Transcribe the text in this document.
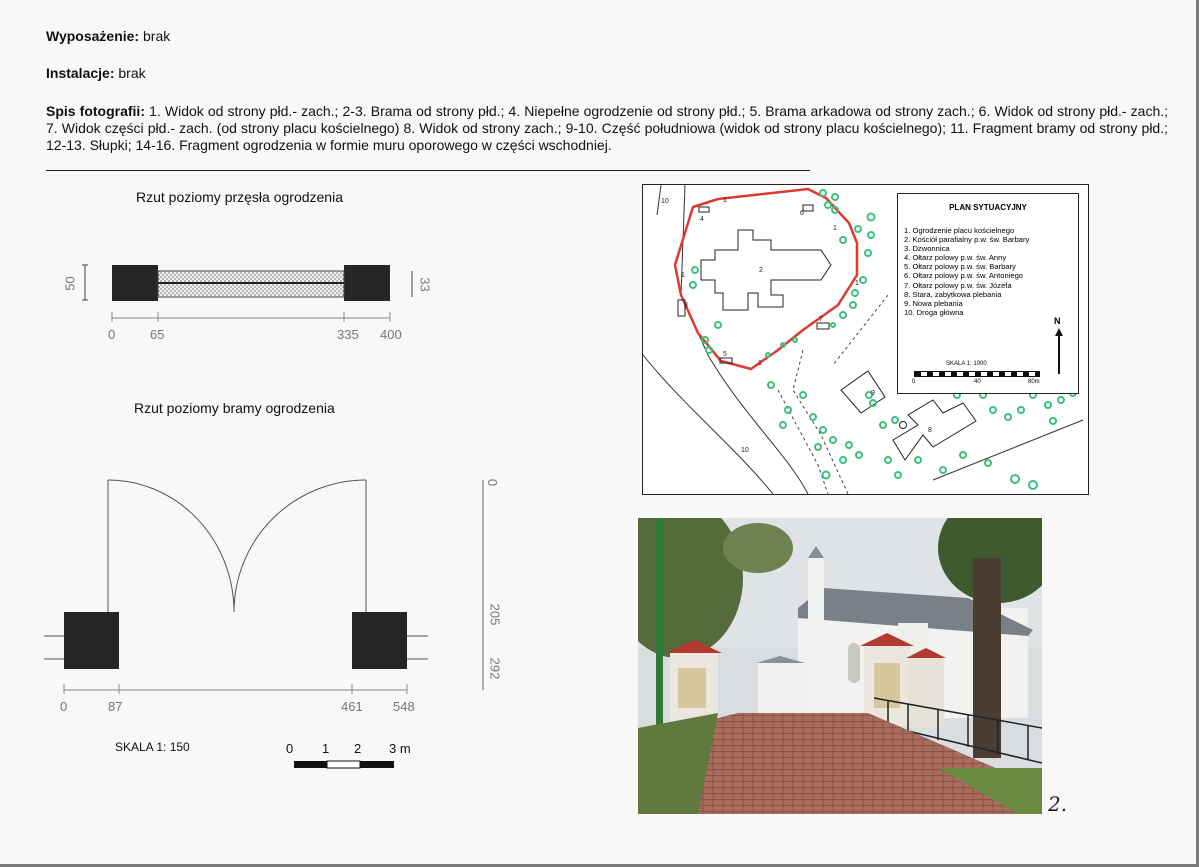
Wyposażenie: brak
Instalacje: brak
Spis fotografii: 1. Widok od strony płd.- zach.; 2-3. Brama od strony płd.; 4. Niepełne ogrodzenie od strony płd.; 5. Brama arkadowa od strony zach.; 6. Widok od strony płd.- zach.; 7. Widok części płd.- zach. (od strony placu kościelnego) 8. Widok od strony zach.; 9-10. Część południowa (widok od strony placu kościelnego); 11. Fragment bramy od strony płd.; 12-13. Słupki; 14-16. Fragment ogrodzenia w formie muru oporowego w części wschodniej.
Rzut poziomy przęsła ogrodzenia
50	33
0	65	335 400
Rzut poziomy bramy ogrodzenia
0
205
292
0	87	461 548
SKALA 1: 150	0 1 2 3 m
1
1
1
1
1
2
3
4
5
6
7
8
9
10
10
PLAN SYTUACYJNY
1. Ogrodzenie placu kościelnego
2. Kościół parafialny p.w. św. Barbary
3. Dzwonnica
4. Ołtarz polowy p.w. św. Anny
5. Ołtarz polowy p.w. św. Barbary
6. Ołtarz polowy p.w. św. Antoniego
7. Ołtarz polowy p.w. św. Józefa
8. Stara, zabytkowa plebania
9. Nowa plebania
10. Droga główna
N
SKALA 1: 1000
0	40	80m
2.
